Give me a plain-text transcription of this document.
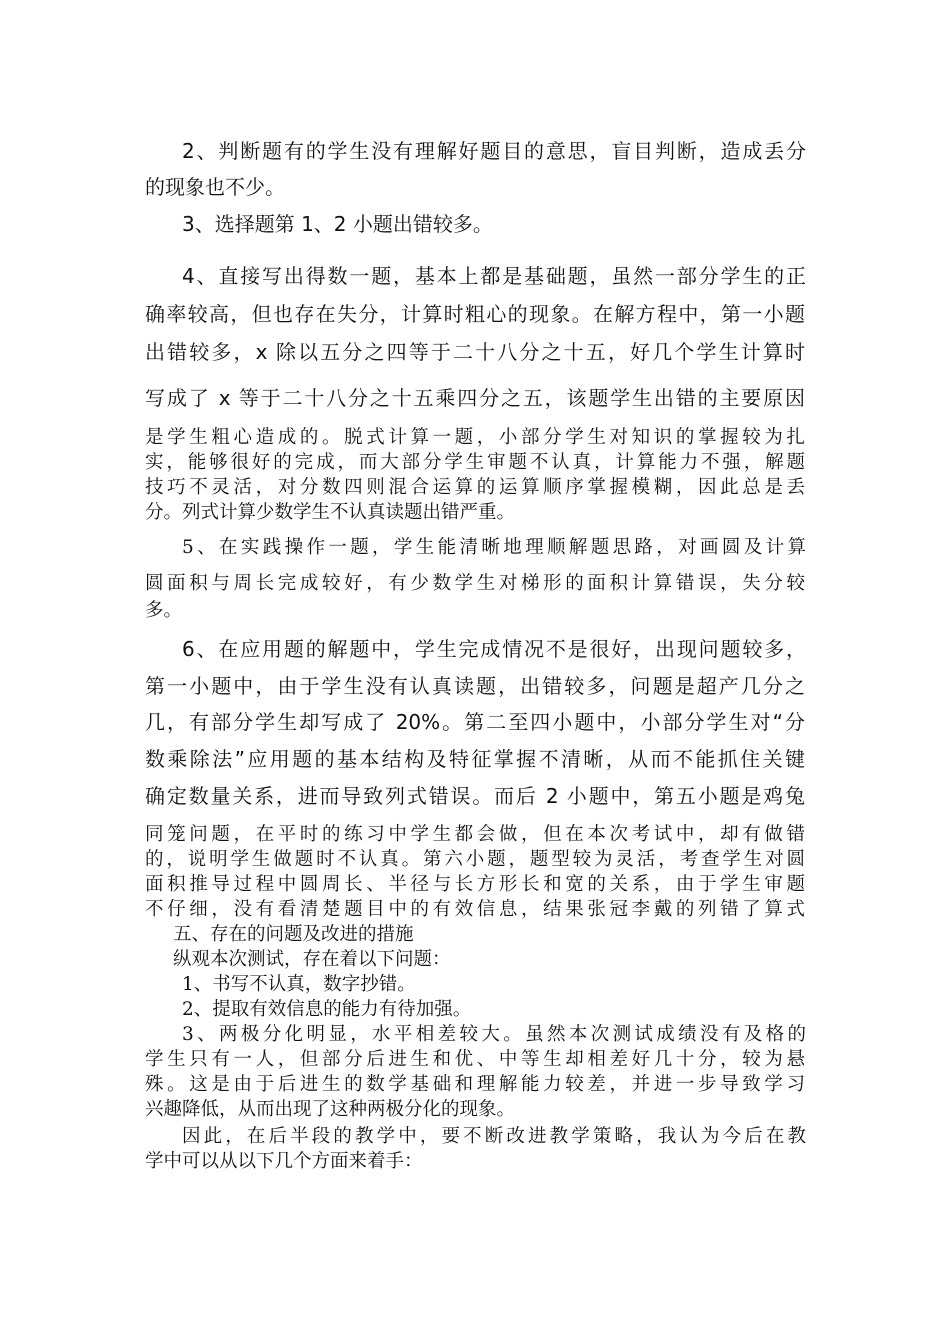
2、判断题有的学生没有理解好题目的意思，盲目判断，造成丢分

的现象也不少。

3、选择题第 1、2 小题出错较多。

4、直接写出得数一题，基本上都是基础题，虽然一部分学生的正

确率较高，但也存在失分，计算时粗心的现象。在解方程中，第一小题

出错较多，x 除以五分之四等于二十八分之十五，好几个学生计算时

写成了 x 等于二十八分之十五乘四分之五，该题学生出错的主要原因

是学生粗心造成的。脱式计算一题，小部分学生对知识的掌握较为扎

实，能够很好的完成，而大部分学生审题不认真，计算能力不强，解题

技巧不灵活，对分数四则混合运算的运算顺序掌握模糊，因此总是丢

分。列式计算少数学生不认真读题出错严重。

5、在实践操作一题，学生能清晰地理顺解题思路，对画圆及计算

圆面积与周长完成较好，有少数学生对梯形的面积计算错误，失分较

多。

6、在应用题的解题中，学生完成情况不是很好，出现问题较多，

第一小题中，由于学生没有认真读题，出错较多，问题是超产几分之

几，有部分学生却写成了 20%。第二至四小题中，小部分学生对“分

数乘除法”应用题的基本结构及特征掌握不清晰，从而不能抓住关键

确定数量关系，进而导致列式错误。而后 2 小题中，第五小题是鸡兔

同笼问题，在平时的练习中学生都会做，但在本次考试中，却有做错

的，说明学生做题时不认真。第六小题，题型较为灵活，考查学生对圆

面积推导过程中圆周长、半径与长方形长和宽的关系，由于学生审题

不仔细，没有看清楚题目中的有效信息，结果张冠李戴的列错了算式

五、存在的问题及改进的措施

纵观本次测试，存在着以下问题：

1、书写不认真，数字抄错。

2、提取有效信息的能力有待加强。

3、两极分化明显，水平相差较大。虽然本次测试成绩没有及格的

学生只有一人，但部分后进生和优、中等生却相差好几十分，较为悬

殊。这是由于后进生的数学基础和理解能力较差，并进一步导致学习

兴趣降低，从而出现了这种两极分化的现象。

因此，在后半段的教学中，要不断改进教学策略，我认为今后在教

学中可以从以下几个方面来着手：
